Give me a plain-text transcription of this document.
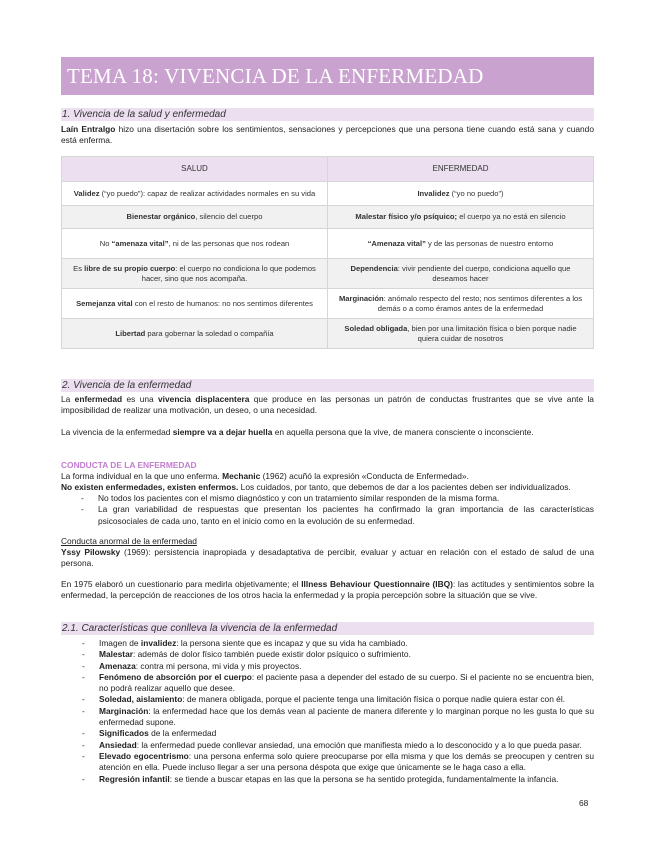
TEMA 18: VIVENCIA DE LA ENFERMEDAD
1. Vivencia de la salud y enfermedad

Laín Entralgo hizo una disertación sobre los sentimientos, sensaciones y percepciones que una persona tiene cuando está sana y cuando está enferma.

SALUD	ENFERMEDAD
Validez (“yo puedo”): capaz de realizar actividades normales en su vida	Invalidez (“yo no puedo”)
Bienestar orgánico, silencio del cuerpo	Malestar físico y/o psíquico; el cuerpo ya no está en silencio
No “amenaza vital”, ni de las personas que nos rodean	“Amenaza vital” y de las personas de nuestro entorno
Es libre de su propio cuerpo: el cuerpo no condiciona lo que podemos hacer, sino que nos acompaña.	Dependencia: vivir pendiente del cuerpo, condiciona aquello que deseamos hacer
Semejanza vital con el resto de humanos: no nos sentimos diferentes	Marginación: anómalo respecto del resto; nos sentimos diferentes a los demás o a como éramos antes de la enfermedad
Libertad para gobernar la soledad o compañía	Soledad obligada, bien por una limitación física o bien porque nadie quiera cuidar de nosotros
2. Vivencia de la enfermedad

La enfermedad es una vivencia displacentera que produce en las personas un patrón de conductas frustrantes que se vive ante la imposibilidad de realizar una motivación, un deseo, o una necesidad.

La vivencia de la enfermedad siempre va a dejar huella en aquella persona que la vive, de manera consciente o inconsciente.

CONDUCTA DE LA ENFERMEDAD

La forma individual en la que uno enferma. Mechanic (1962) acuñó la expresión «Conducta de Enfermedad».

No existen enfermedades, existen enfermos. Los cuidados, por tanto, que debemos de dar a los pacientes deben ser individualizados.

- No todos los pacientes con el mismo diagnóstico y con un tratamiento similar responden de la misma forma.
- La gran variabilidad de respuestas que presentan los pacientes ha confirmado la gran importancia de las características psicosociales de cada uno, tanto en el inicio como en la evolución de su enfermedad.

Conducta anormal de la enfermedad

Yssy Pilowsky (1969): persistencia inapropiada y desadaptativa de percibir, evaluar y actuar en relación con el estado de salud de una persona.

En 1975 elaboró un cuestionario para medirla objetivamente; el Illness Behaviour Questionnaire (IBQ): las actitudes y sentimientos sobre la enfermedad, la percepción de reacciones de los otros hacia la enfermedad y la propia percepción sobre la situación que se vive.

2.1. Características que conlleva la vivencia de la enfermedad
- Imagen de invalidez: la persona siente que es incapaz y que su vida ha cambiado.
- Malestar: además de dolor físico también puede existir dolor psíquico o sufrimiento.
- Amenaza: contra mi persona, mi vida y mis proyectos.
- Fenómeno de absorción por el cuerpo: el paciente pasa a depender del estado de su cuerpo. Si el paciente no se encuentra bien, no podrá realizar aquello que desee.
- Soledad, aislamiento: de manera obligada, porque el paciente tenga una limitación física o porque nadie quiera estar con él.
- Marginación: la enfermedad hace que los demás vean al paciente de manera diferente y lo marginan porque no les gusta lo que su enfermedad supone.
- Significados de la enfermedad
- Ansiedad: la enfermedad puede conllevar ansiedad, una emoción que manifiesta miedo a lo desconocido y a lo que pueda pasar.
- Elevado egocentrismo: una persona enferma solo quiere preocuparse por ella misma y que los demás se preocupen y centren su atención en ella. Puede incluso llegar a ser una persona déspota que exige que únicamente se le haga caso a ella.
- Regresión infantil: se tiende a buscar etapas en las que la persona se ha sentido protegida, fundamentalmente la infancia.
68
